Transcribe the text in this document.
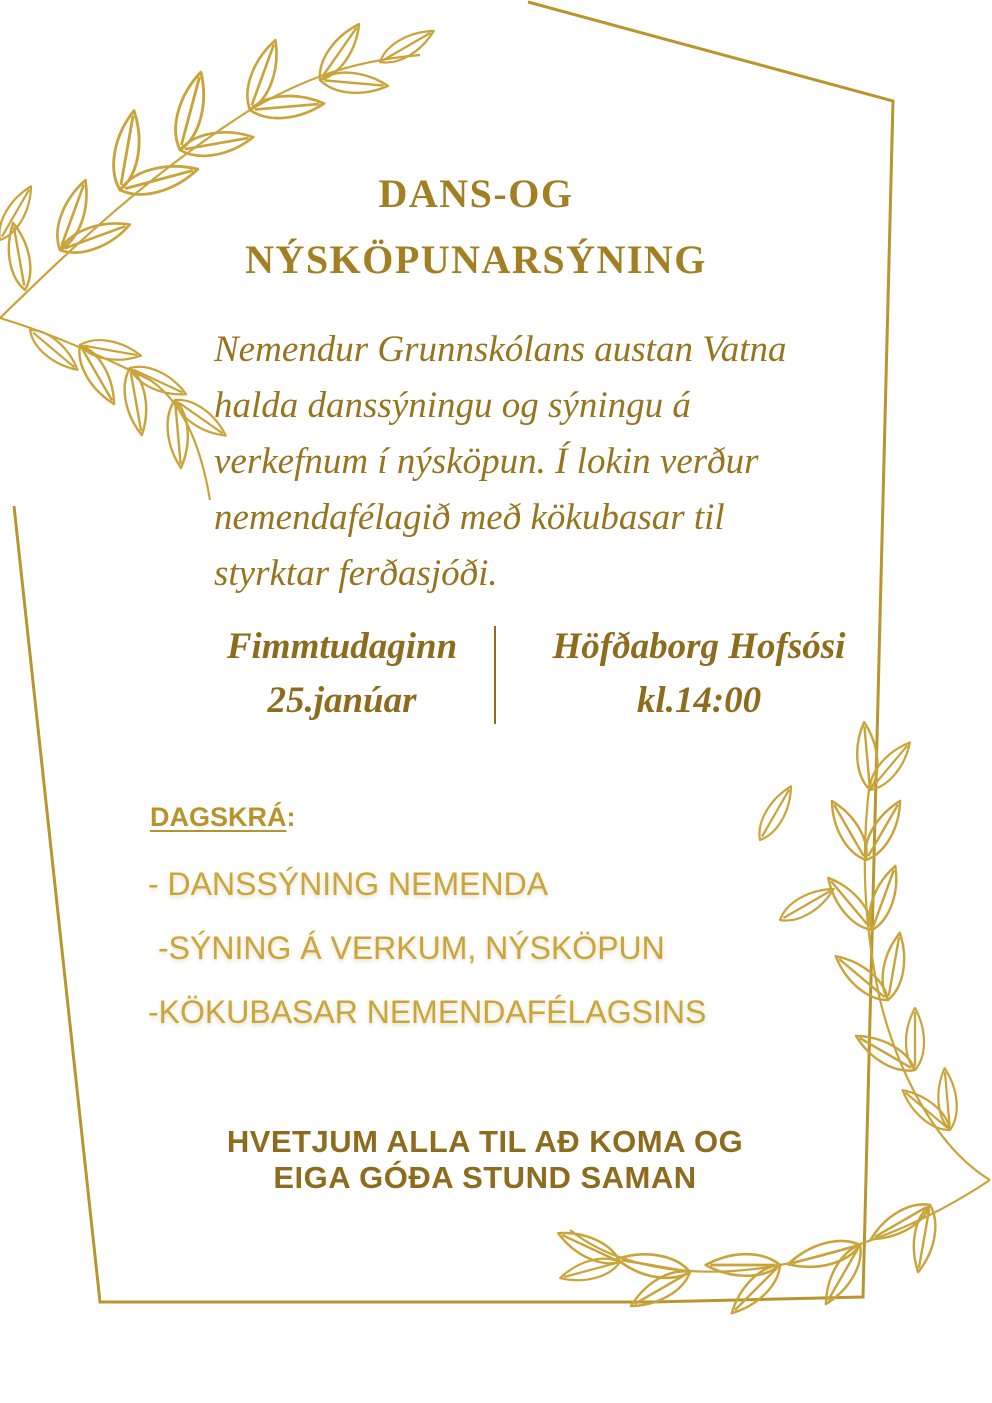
DANS-OG
NÝSKÖPUNARSÝNING

Nemendur Grunnskólans austan Vatna
halda danssýningu og sýningu á
verkefnum í nýsköpun. Í lokin verður
nemendafélagið með kökubasar til
styrktar ferðasjóði.

Fimmtudaginn
25.janúar
Höfðaborg Hofsósi
kl.14:00
DAGSKRÁ:
- DANSSÝNING NEMENDA
-SÝNING Á VERKUM, NÝSKÖPUN
-KÖKUBASAR NEMENDAFÉLAGSINS
HVETJUM ALLA TIL AÐ KOMA OG
EIGA GÓÐA STUND SAMAN
